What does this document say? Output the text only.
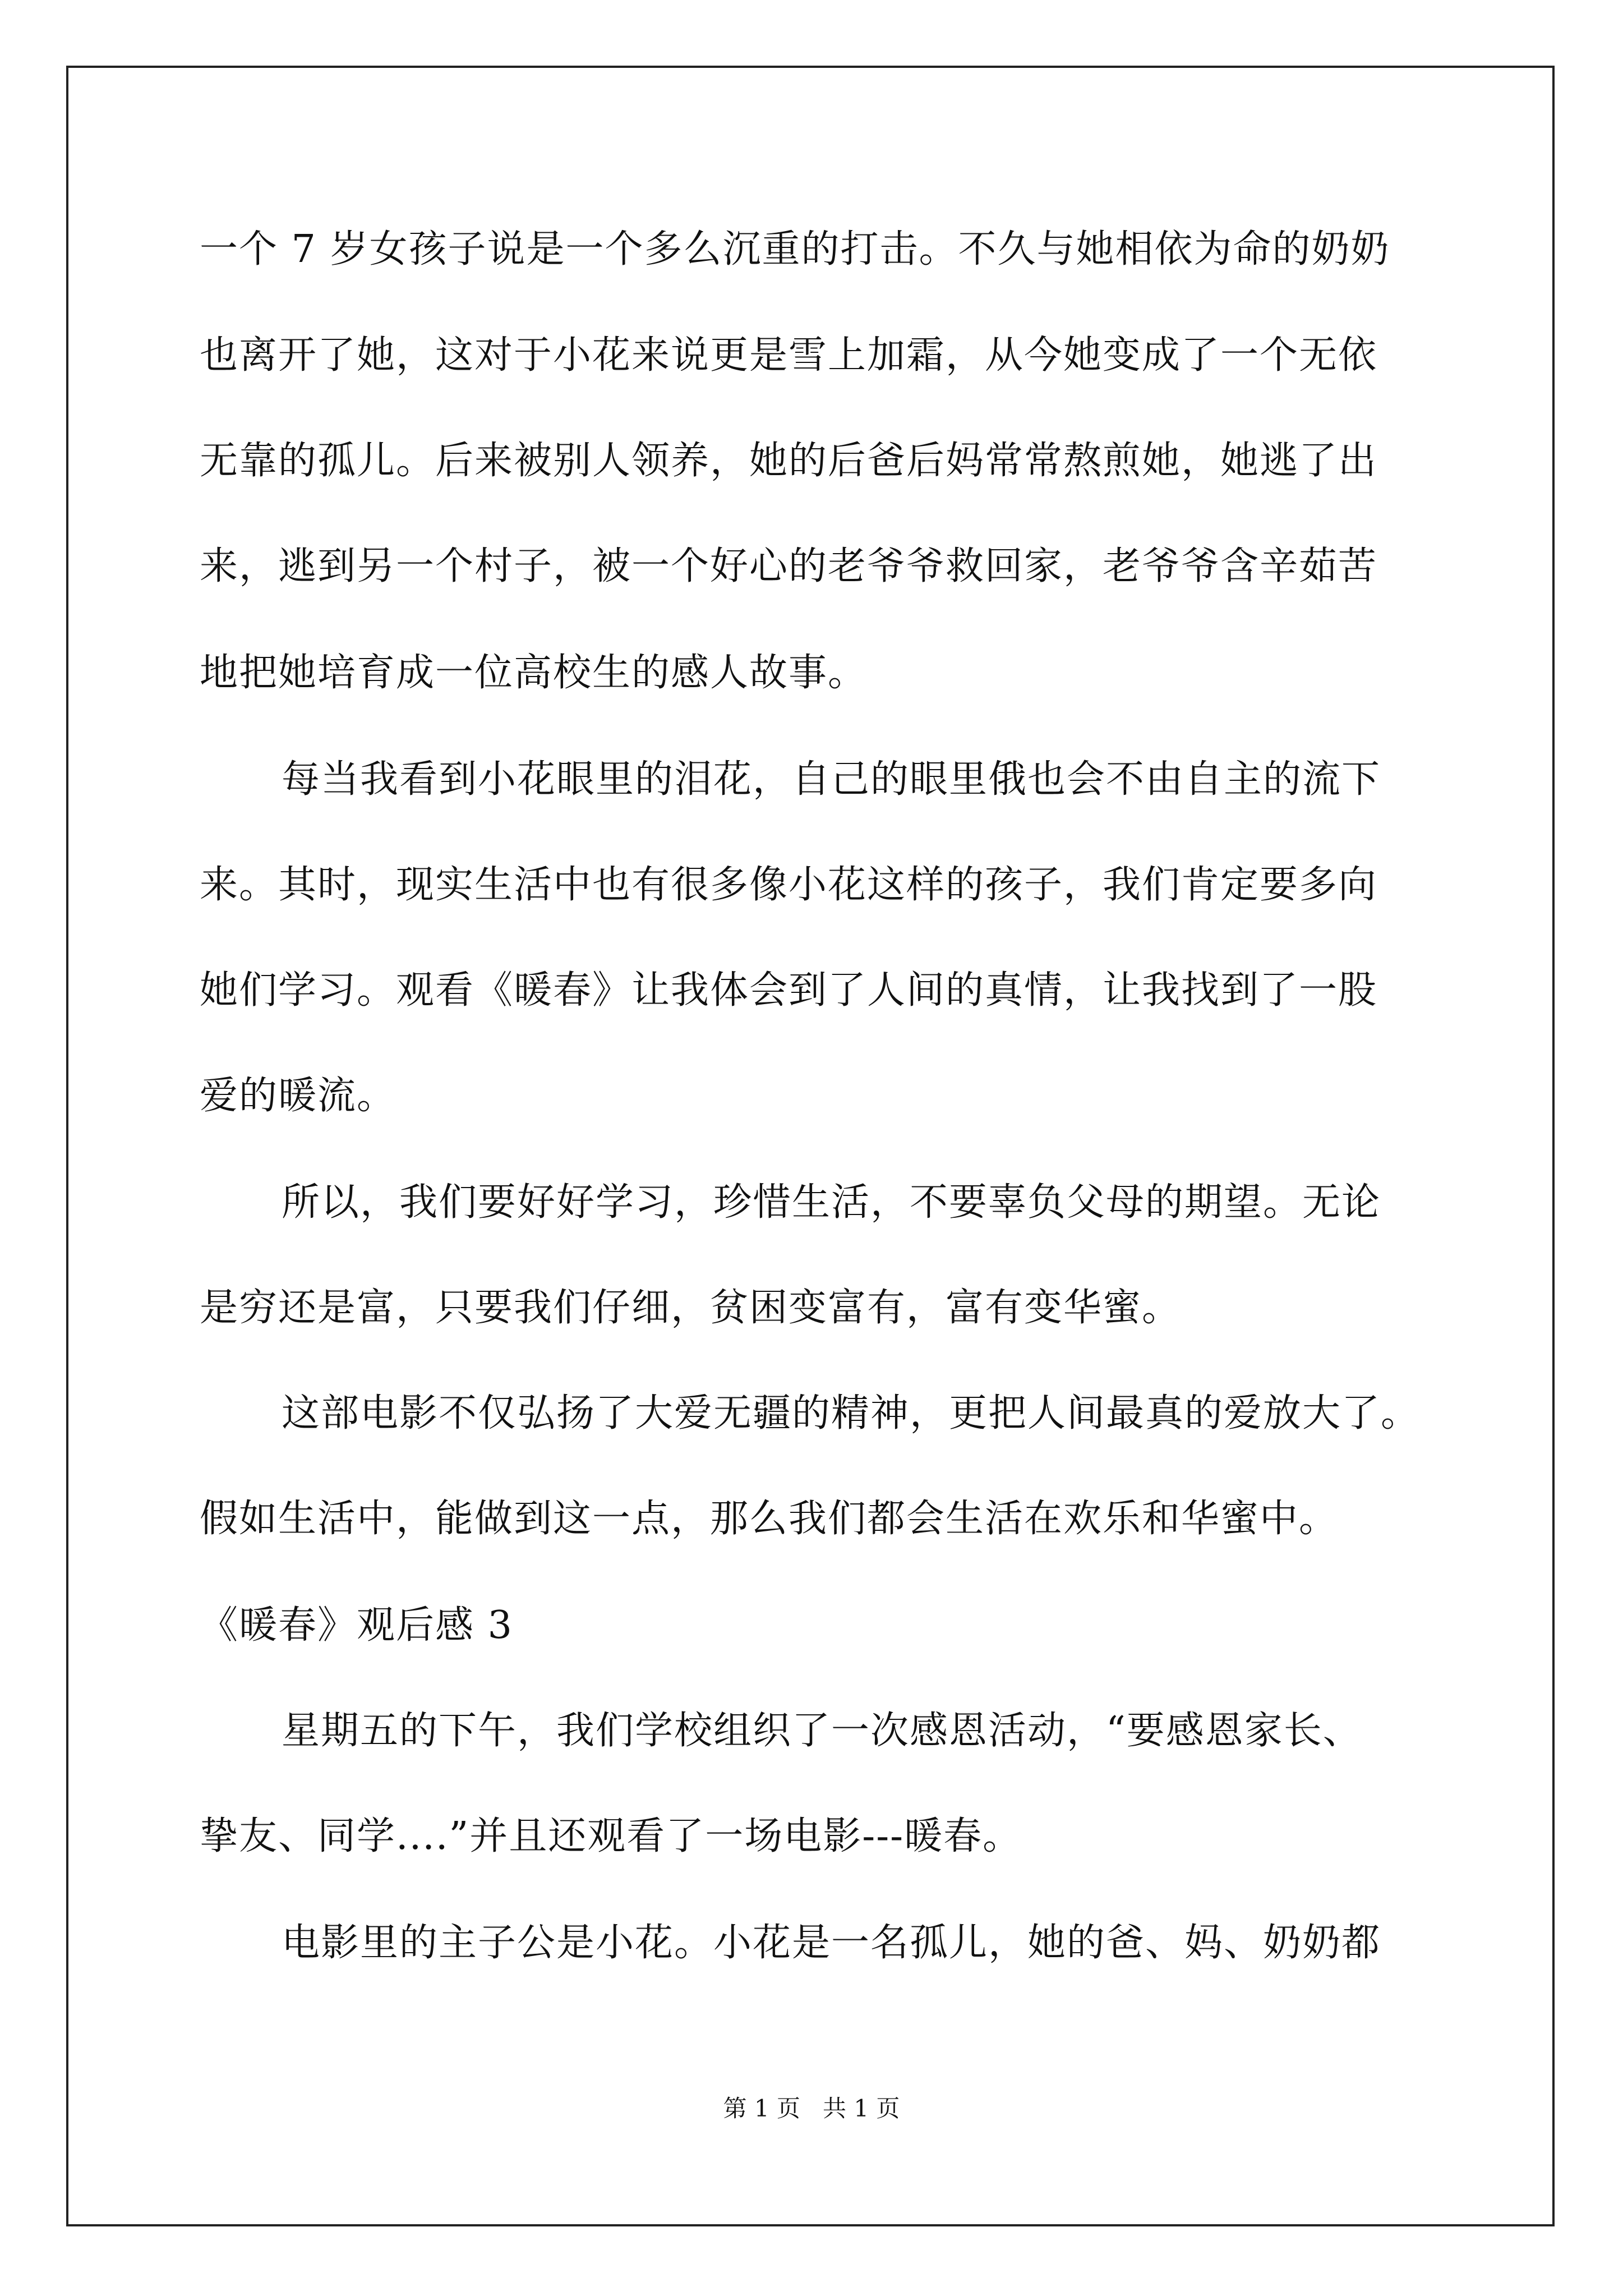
一个 7 岁女孩子说是一个多么沉重的打击。不久与她相依为命的奶奶
也离开了她，这对于小花来说更是雪上加霜，从今她变成了一个无依
无靠的孤儿。后来被别人领养，她的后爸后妈常常熬煎她，她逃了出
来，逃到另一个村子，被一个好心的老爷爷救回家，老爷爷含辛茹苦
地把她培育成一位高校生的感人故事。
每当我看到小花眼里的泪花，自己的眼里俄也会不由自主的流下
来。其时，现实生活中也有很多像小花这样的孩子，我们肯定要多向
她们学习。观看《暖春》让我体会到了人间的真情，让我找到了一股
爱的暖流。
所以，我们要好好学习，珍惜生活，不要辜负父母的期望。无论
是穷还是富，只要我们仔细，贫困变富有，富有变华蜜。
这部电影不仅弘扬了大爱无疆的精神，更把人间最真的爱放大了。
假如生活中，能做到这一点，那么我们都会生活在欢乐和华蜜中。
《暖春》观后感 3
星期五的下午，我们学校组织了一次感恩活动，“要感恩家长、
挚友、同学....”并且还观看了一场电影---暖春。
电影里的主子公是小花。小花是一名孤儿，她的爸、妈、奶奶都
第 1 页 共 1 页
